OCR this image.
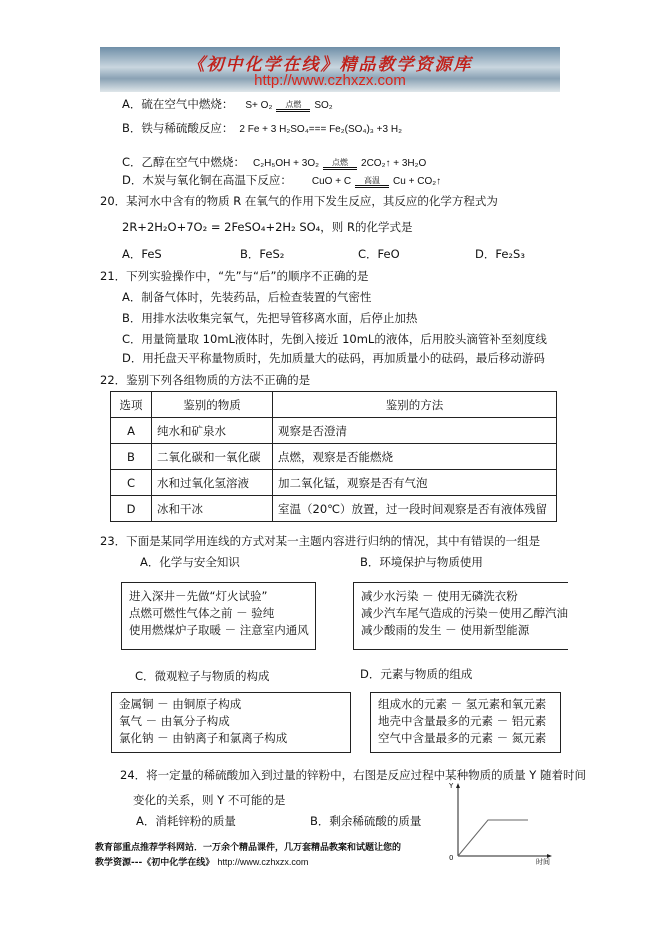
《初中化学在线》精品教学资源库
http://www.czhxzx.com
A．硫在空气中燃烧： S+ O₂ 点燃 SO₂
B．铁与稀硫酸反应： 2 Fe + 3 H₂SO₄=== Fe₂(SO₄)₃ +3 H₂
C．乙醇在空气中燃烧： C₂H₅OH + 3O₂ 点燃 2CO₂↑ + 3H₂O
D．木炭与氧化铜在高温下反应： CuO + C 高温 Cu + CO₂↑
20．某河水中含有的物质 R 在氧气的作用下发生反应，其反应的化学方程式为
2R+2H₂O+7O₂ = 2FeSO₄+2H₂ SO₄，则 R的化学式是
A．FeS	B．FeS₂	C．FeO	D．Fe₂S₃
21．下列实验操作中，“先”与“后”的顺序不正确的是
A．制备气体时，先装药品，后检查装置的气密性
B．用排水法收集完氧气，先把导管移离水面，后停止加热
C．用量筒量取 10mL液体时，先倒入接近 10mL的液体，后用胶头滴管补至刻度线
D．用托盘天平称量物质时，先加质量大的砝码，再加质量小的砝码，最后移动游码
22．鉴别下列各组物质的方法不正确的是
选项	鉴别的物质	鉴别的方法
A	纯水和矿泉水	观察是否澄清
B	二氧化碳和一氧化碳	点燃，观察是否能燃烧
C	水和过氧化氢溶液	加二氧化锰，观察是否有气泡
D	冰和干冰	室温（20℃）放置，过一段时间观察是否有液体残留
23．下面是某同学用连线的方式对某一主题内容进行归纳的情况，其中有错误的一组是
A．化学与安全知识	B．环境保护与物质使用
进入深井－先做“灯火试验”
点燃可燃性气体之前 － 验纯
使用燃煤炉子取暖 － 注意室内通风
减少水污染 － 使用无磷洗衣粉
减少汽车尾气造成的污染－使用乙醇汽油
减少酸雨的发生 － 使用新型能源
C．微观粒子与物质的构成	D．元素与物质的组成
金属铜 － 由铜原子构成
氧气 － 由氧分子构成
氯化钠 － 由钠离子和氯离子构成
组成水的元素 － 氢元素和氧元素
地壳中含量最多的元素 － 铝元素
空气中含量最多的元素 － 氮元素
24．将一定量的稀硫酸加入到过量的锌粉中，右图是反应过程中某种物质的质量 Y 随着时间
变化的关系，则 Y 不可能的是
A．消耗锌粉的质量	B．剩余稀硫酸的质量
Y
0	时间
教育部重点推荐学科网站．一万余个精品课件，几万套精品教案和试题让您的
教学资源---《初中化学在线》 http://www.czhxzx.com
